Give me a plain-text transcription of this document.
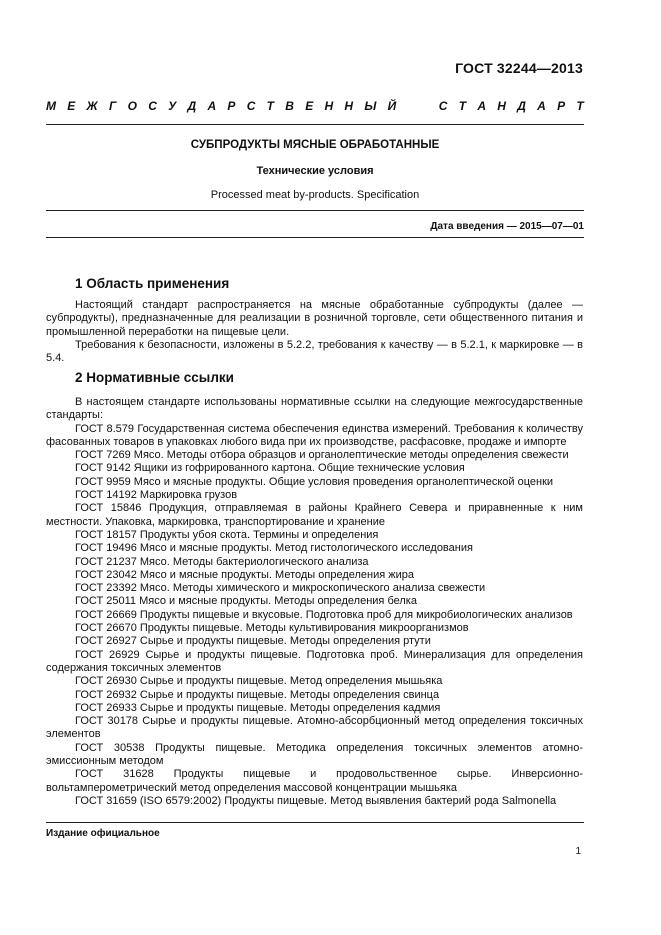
ГОСТ 32244—2013
М Е Ж Г О С У Д А Р С Т В Е Н Н Ы Й	С Т А Н Д А Р Т
СУБПРОДУКТЫ МЯСНЫЕ ОБРАБОТАННЫЕ
Технические условия
Processed meat by-products. Specification
Дата введения — 2015—07—01
1 Область применения

Настоящий стандарт распространяется на мясные обработанные субпродукты (далее — субпродукты), предназначенные для реализации в розничной торговле, сети общественного питания и промышленной переработки на пищевые цели.

Требования к безопасности, изложены в 5.2.2, требования к качеству — в 5.2.1, к маркировке — в 5.4.

2 Нормативные ссылки

В настоящем стандарте использованы нормативные ссылки на следующие межгосударственные стандарты:

ГОСТ 8.579 Государственная система обеспечения единства измерений. Требования к количеству фасованных товаров в упаковках любого вида при их производстве, расфасовке, продаже и импорте

ГОСТ 7269 Мясо. Методы отбора образцов и органолептические методы определения свежести

ГОСТ 9142 Ящики из гофрированного картона. Общие технические условия

ГОСТ 9959 Мясо и мясные продукты. Общие условия проведения органолептической оценки

ГОСТ 14192 Маркировка грузов

ГОСТ 15846 Продукция, отправляемая в районы Крайнего Севера и приравненные к ним местности. Упаковка, маркировка, транспортирование и хранение

ГОСТ 18157 Продукты убоя скота. Термины и определения

ГОСТ 19496 Мясо и мясные продукты. Метод гистологического исследования

ГОСТ 21237 Мясо. Методы бактериологического анализа

ГОСТ 23042 Мясо и мясные продукты. Методы определения жира

ГОСТ 23392 Мясо. Методы химического и микроскопического анализа свежести

ГОСТ 25011 Мясо и мясные продукты. Методы определения белка

ГОСТ 26669 Продукты пищевые и вкусовые. Подготовка проб для микробиологических анализов

ГОСТ 26670 Продукты пищевые. Методы культивирования микроорганизмов

ГОСТ 26927 Сырье и продукты пищевые. Методы определения ртути

ГОСТ 26929 Сырье и продукты пищевые. Подготовка проб. Минерализация для определения содержания токсичных элементов

ГОСТ 26930 Сырье и продукты пищевые. Метод определения мышьяка

ГОСТ 26932 Сырье и продукты пищевые. Методы определения свинца

ГОСТ 26933 Сырье и продукты пищевые. Методы определения кадмия

ГОСТ 30178 Сырье и продукты пищевые. Атомно-абсорбционный метод определения токсичных элементов

ГОСТ 30538 Продукты пищевые. Методика определения токсичных элементов атомно-эмиссионным методом

ГОСТ 31628 Продукты пищевые и продовольственное сырье. Инверсионно-вольтамперометрический метод определения массовой концентрации мышьяка

ГОСТ 31659 (ISO 6579:2002) Продукты пищевые. Метод выявления бактерий рода Salmonella

Издание официальное
1
